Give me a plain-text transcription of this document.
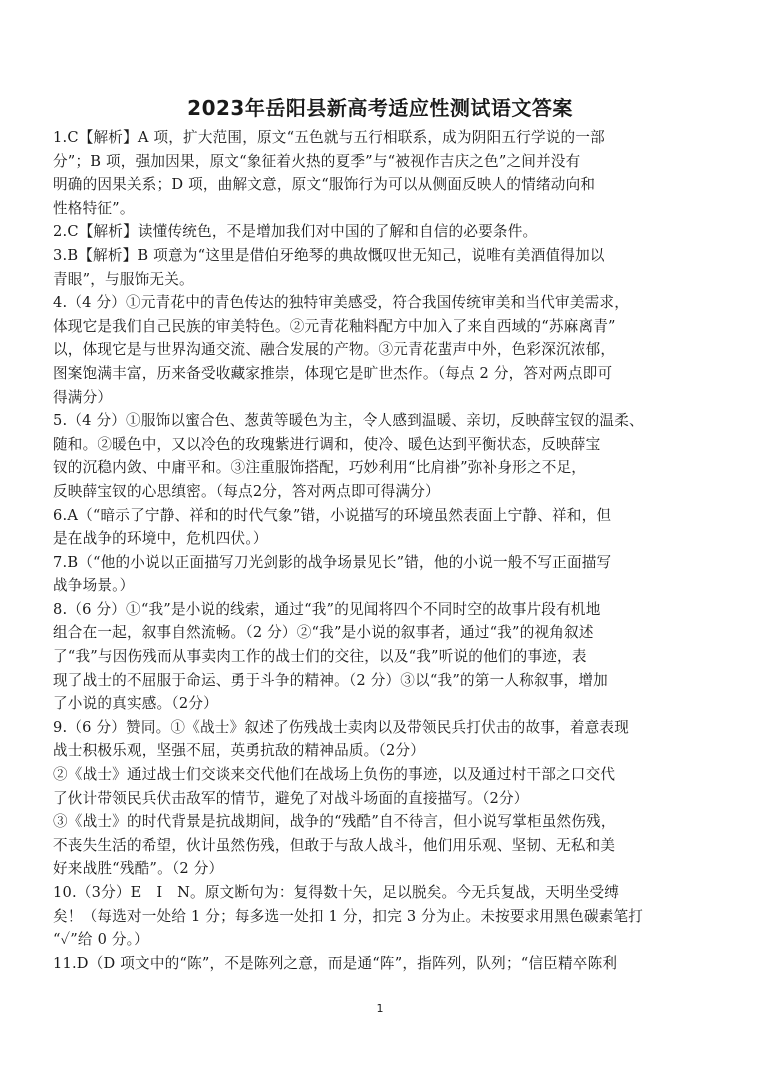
2023年岳阳县新高考适应性测试语文答案
1.C【解析】A 项，扩大范围，原文“五色就与五行相联系，成为阴阳五行学说的一部
分”；B 项，强加因果，原文“象征着火热的夏季”与“被视作吉庆之色”之间并没有
明确的因果关系；D 项，曲解文意，原文“服饰行为可以从侧面反映人的情绪动向和
性格特征”。
2.C【解析】读懂传统色，不是增加我们对中国的了解和自信的必要条件。
3.B【解析】B 项意为“这里是借伯牙绝琴的典故慨叹世无知己，说唯有美酒值得加以
青眼”，与服饰无关。
4.（4 分）①元青花中的青色传达的独特审美感受，符合我国传统审美和当代审美需求，
体现它是我们自己民族的审美特色。②元青花釉料配方中加入了来自西域的“苏麻离青”
以，体现它是与世界沟通交流、融合发展的产物。③元青花蜚声中外，色彩深沉浓郁，
图案饱满丰富，历来备受收藏家推崇，体现它是旷世杰作。（每点 2 分，答对两点即可
得满分）
5.（4 分）①服饰以蜜合色、葱黄等暖色为主，令人感到温暖、亲切，反映薛宝钗的温柔、
随和。②暖色中，又以冷色的玫瑰紫进行调和，使冷、暖色达到平衡状态，反映薛宝
钗的沉稳内敛、中庸平和。③注重服饰搭配，巧妙利用“比肩褂”弥补身形之不足，
反映薛宝钗的心思缜密。（每点2分，答对两点即可得满分）
6.A（“暗示了宁静、祥和的时代气象”错，小说描写的环境虽然表面上宁静、祥和，但
是在战争的环境中，危机四伏。）
7.B（“他的小说以正面描写刀光剑影的战争场景见长”错，他的小说一般不写正面描写
战争场景。）
8.（6 分）①“我”是小说的线索，通过“我”的见闻将四个不同时空的故事片段有机地
组合在一起，叙事自然流畅。（2 分）②“我”是小说的叙事者，通过“我”的视角叙述
了“我”与因伤残而从事卖肉工作的战士们的交往，以及“我”听说的他们的事迹，表
现了战士的不屈服于命运、勇于斗争的精神。（2 分）③以“我”的第一人称叙事，增加
了小说的真实感。（2分）
9.（6 分）赞同。①《战士》叙述了伤残战士卖肉以及带领民兵打伏击的故事，着意表现
战士积极乐观，坚强不屈，英勇抗敌的精神品质。（2分）
②《战士》通过战士们交谈来交代他们在战场上负伤的事迹，以及通过村干部之口交代
了伙计带领民兵伏击敌军的情节，避免了对战斗场面的直接描写。（2分）
③《战士》的时代背景是抗战期间，战争的“残酷”自不待言，但小说写掌柜虽然伤残，
不丧失生活的希望，伙计虽然伤残，但敢于与敌人战斗，他们用乐观、坚韧、无私和美
好来战胜“残酷”。（2 分）
10.（3分）E　I　N。原文断句为：复得数十矢，足以脱矣。今无兵复战，天明坐受缚
矣！（每选对一处给 1 分；每多选一处扣 1 分，扣完 3 分为止。未按要求用黑色碳素笔打
“✓”给 0 分。）
11.D（D 项文中的“陈”，不是陈列之意，而是通“阵”，指阵列，队列；“信臣精卒陈利
1
